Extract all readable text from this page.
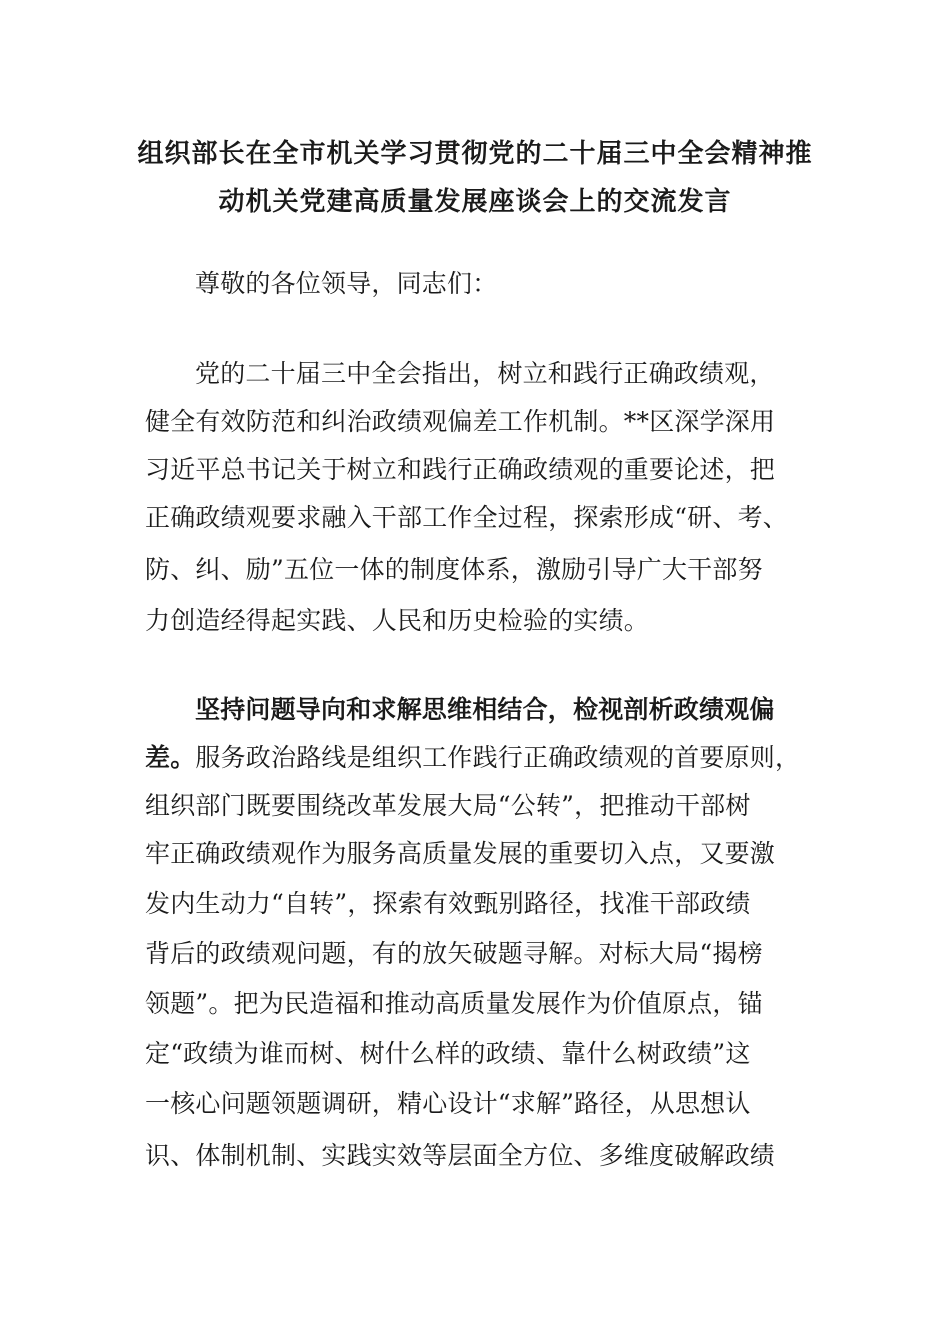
组织部长在全市机关学习贯彻党的二十届三中全会精神推
动机关党建高质量发展座谈会上的交流发言
尊敬的各位领导，同志们：
党的二十届三中全会指出，树立和践行正确政绩观，
健全有效防范和纠治政绩观偏差工作机制。**区深学深用
习近平总书记关于树立和践行正确政绩观的重要论述，把
正确政绩观要求融入干部工作全过程，探索形成“研、考、
防、纠、励”五位一体的制度体系，激励引导广大干部努
力创造经得起实践、人民和历史检验的实绩。
坚持问题导向和求解思维相结合，检视剖析政绩观偏
差。服务政治路线是组织工作践行正确政绩观的首要原则，
组织部门既要围绕改革发展大局“公转”，把推动干部树
牢正确政绩观作为服务高质量发展的重要切入点，又要激
发内生动力“自转”，探索有效甄别路径，找准干部政绩
背后的政绩观问题，有的放矢破题寻解。对标大局“揭榜
领题”。把为民造福和推动高质量发展作为价值原点，锚
定“政绩为谁而树、树什么样的政绩、靠什么树政绩”这
一核心问题领题调研，精心设计“求解”路径，从思想认
识、体制机制、实践实效等层面全方位、多维度破解政绩
